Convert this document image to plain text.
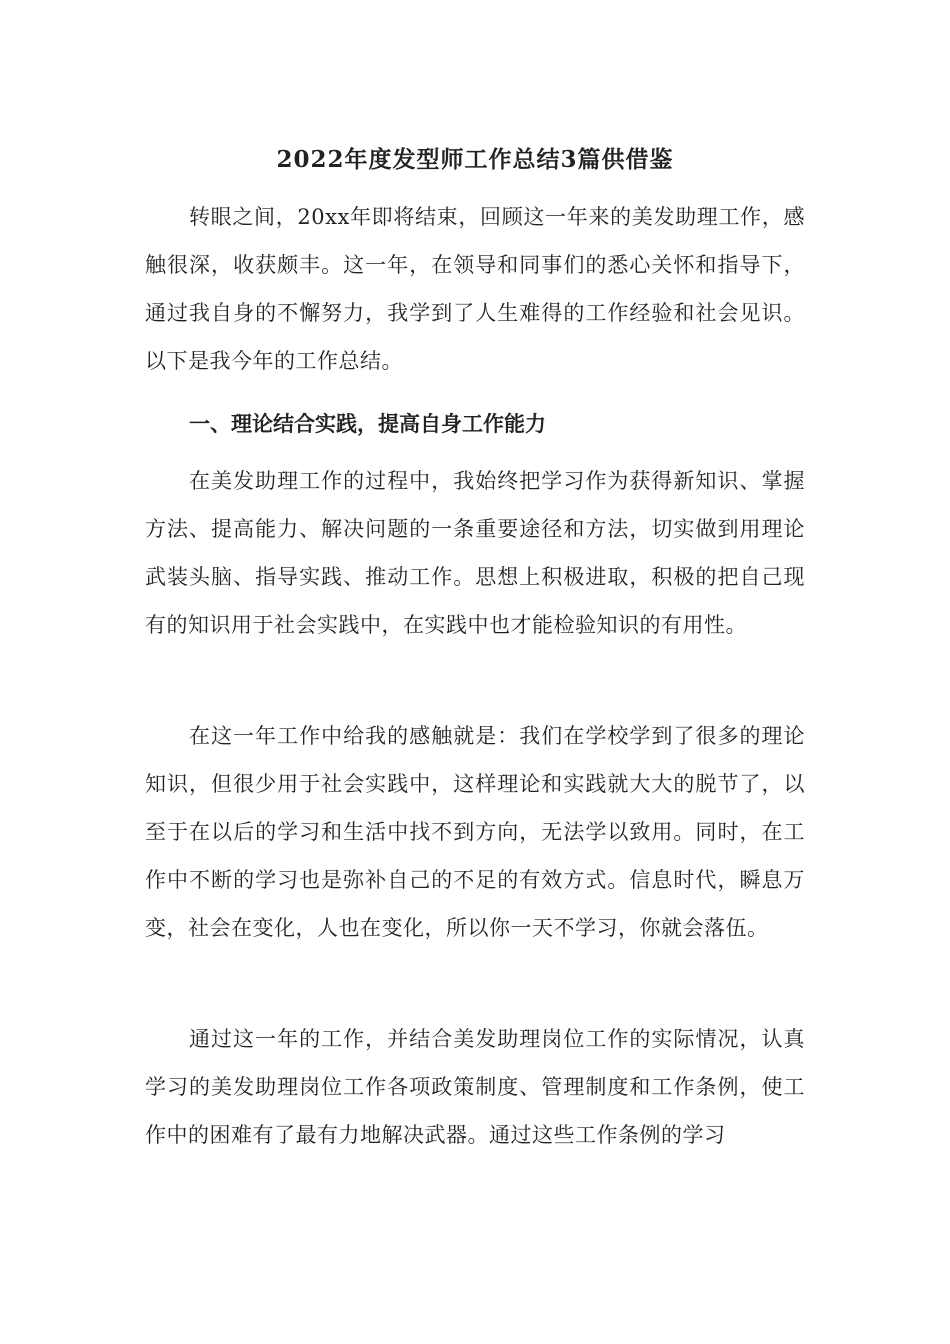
2022年度发型师工作总结3篇供借鉴

转眼之间，20xx年即将结束，回顾这一年来的美发助理工作，感触很深，收获颇丰。这一年，在领导和同事们的悉心关怀和指导下，通过我自身的不懈努力，我学到了人生难得的工作经验和社会见识。以下是我今年的工作总结。

一、理论结合实践，提高自身工作能力

在美发助理工作的过程中，我始终把学习作为获得新知识、掌握方法、提高能力、解决问题的一条重要途径和方法，切实做到用理论武装头脑、指导实践、推动工作。思想上积极进取，积极的把自己现有的知识用于社会实践中，在实践中也才能检验知识的有用性。

在这一年工作中给我的感触就是：我们在学校学到了很多的理论知识，但很少用于社会实践中，这样理论和实践就大大的脱节了，以至于在以后的学习和生活中找不到方向，无法学以致用。同时，在工作中不断的学习也是弥补自己的不足的有效方式。信息时代，瞬息万变，社会在变化，人也在变化，所以你一天不学习，你就会落伍。

通过这一年的工作，并结合美发助理岗位工作的实际情况，认真学习的美发助理岗位工作各项政策制度、管理制度和工作条例，使工作中的困难有了最有力地解决武器。通过这些工作条例的学习
